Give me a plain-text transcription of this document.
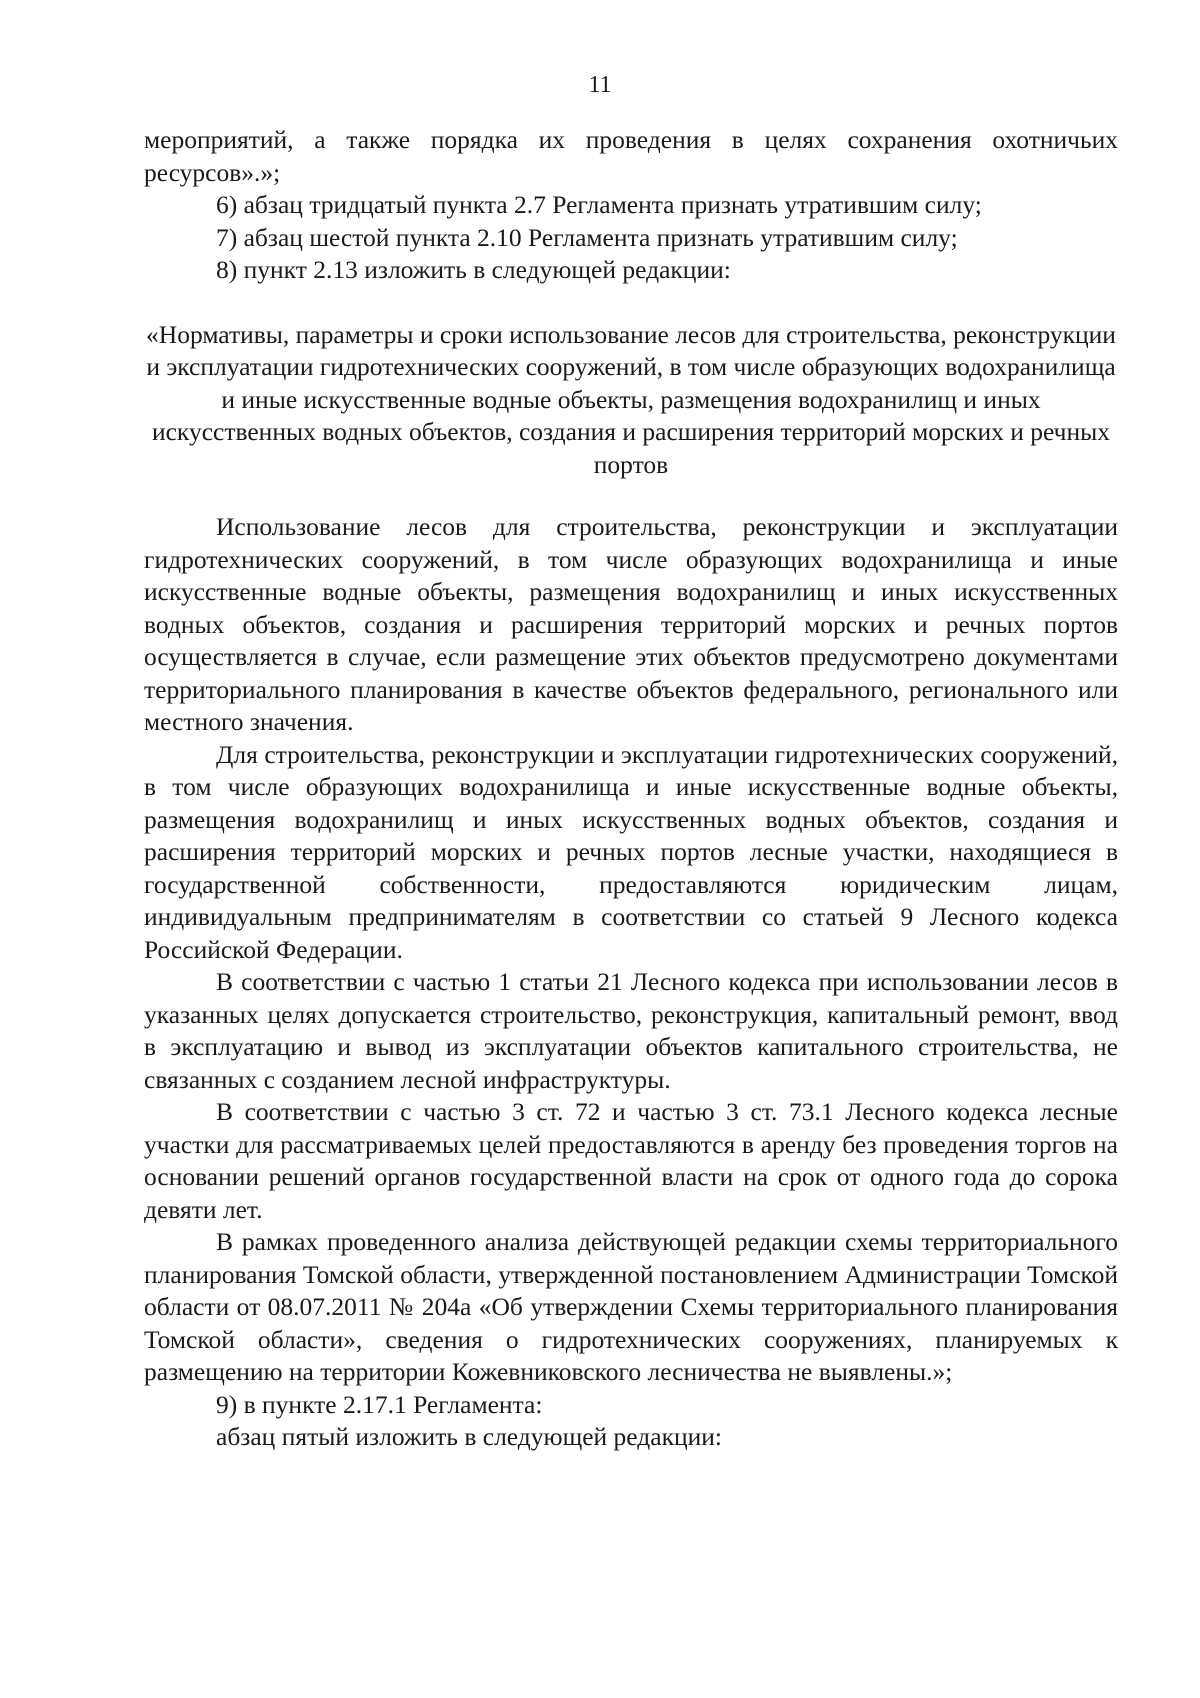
11

мероприятий, а также порядка их проведения в целях сохранения охотничьих ресурсов».»;

6) абзац тридцатый пункта 2.7 Регламента признать утратившим силу;

7) абзац шестой пункта 2.10 Регламента признать утратившим силу;

8) пункт 2.13 изложить в следующей редакции:

«Нормативы, параметры и сроки использование лесов для строительства, реконструкции и эксплуатации гидротехнических сооружений, в том числе образующих водохранилища и иные искусственные водные объекты, размещения водохранилищ и иных искусственных водных объектов, создания и расширения территорий морских и речных портов

Использование лесов для строительства, реконструкции и эксплуатации гидротехнических сооружений, в том числе образующих водохранилища и иные искусственные водные объекты, размещения водохранилищ и иных искусственных водных объектов, создания и расширения территорий морских и речных портов осуществляется в случае, если размещение этих объектов предусмотрено документами территориального планирования в качестве объектов федерального, регионального или местного значения.

Для строительства, реконструкции и эксплуатации гидротехнических сооружений, в том числе образующих водохранилища и иные искусственные водные объекты, размещения водохранилищ и иных искусственных водных объектов, создания и расширения территорий морских и речных портов лесные участки, находящиеся в государственной собственности, предоставляются юридическим лицам, индивидуальным предпринимателям в соответствии со статьей 9 Лесного кодекса Российской Федерации.

В соответствии с частью 1 статьи 21 Лесного кодекса при использовании лесов в указанных целях допускается строительство, реконструкция, капитальный ремонт, ввод в эксплуатацию и вывод из эксплуатации объектов капитального строительства, не связанных с созданием лесной инфраструктуры.

В соответствии с частью 3 ст. 72 и частью 3 ст. 73.1 Лесного кодекса лесные участки для рассматриваемых целей предоставляются в аренду без проведения торгов на основании решений органов государственной власти на срок от одного года до сорока девяти лет.

В рамках проведенного анализа действующей редакции схемы территориального планирования Томской области, утвержденной постановлением Администрации Томской области от 08.07.2011 № 204а «Об утверждении Схемы территориального планирования Томской области», сведения о гидротехнических сооружениях, планируемых к размещению на территории Кожевниковского лесничества не выявлены.»;

9) в пункте 2.17.1 Регламента:

абзац пятый изложить в следующей редакции:
